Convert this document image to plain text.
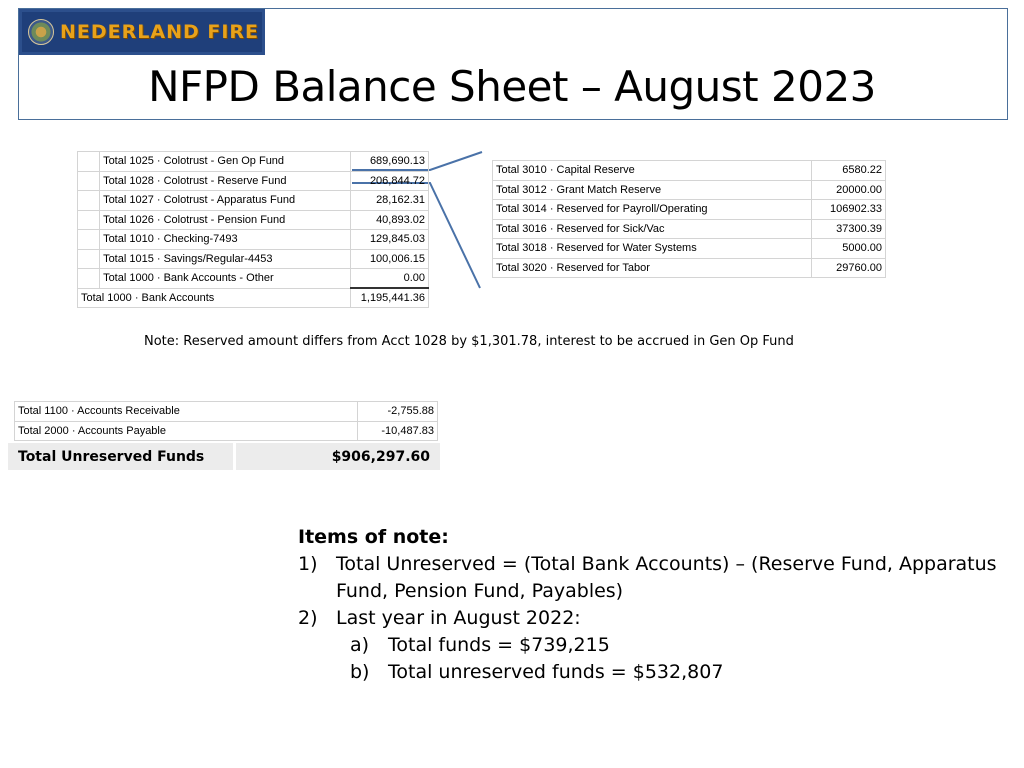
NEDERLAND FIRE
NFPD Balance Sheet – August 2023
	Total 1025 · Colotrust - Gen Op Fund	689,690.13
	Total 1028 · Colotrust - Reserve Fund	206,844.72
	Total 1027 · Colotrust - Apparatus Fund	28,162.31
	Total 1026 · Colotrust - Pension Fund	40,893.02
	Total 1010 · Checking-7493	129,845.03
	Total 1015 · Savings/Regular-4453	100,006.15
	Total 1000 · Bank Accounts - Other	0.00
Total 1000 · Bank Accounts		1,195,441.36
Total 3010 · Capital Reserve	6580.22
Total 3012 · Grant Match Reserve	20000.00
Total 3014 · Reserved for Payroll/Operating	106902.33
Total 3016 · Reserved for Sick/Vac	37300.39
Total 3018 · Reserved for Water Systems	5000.00
Total 3020 · Reserved for Tabor	29760.00
Note: Reserved amount differs from Acct 1028 by $1,301.78, interest to be accrued in Gen Op Fund
Total 1100 · Accounts Receivable	-2,755.88
Total 2000 · Accounts Payable	-10,487.83
Total Unreserved Funds	$906,297.60
Items of note:
1) Total Unreserved = (Total Bank Accounts) – (Reserve Fund, Apparatus
Fund, Pension Fund, Payables)
2) Last year in August 2022:
a) Total funds = $739,215
b) Total unreserved funds = $532,807
